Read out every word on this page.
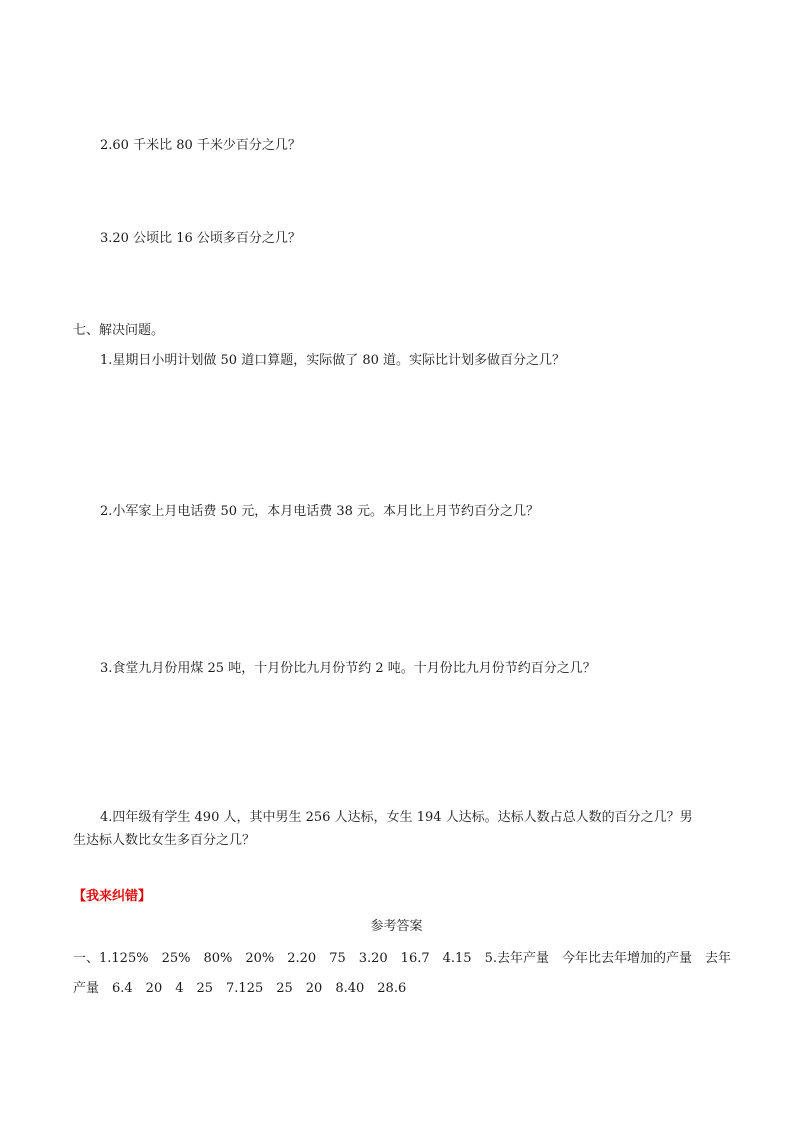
2.60 千米比 80 千米少百分之几？
3.20 公顷比 16 公顷多百分之几？
七、解决问题。
1.星期日小明计划做 50 道口算题，实际做了 80 道。实际比计划多做百分之几？
2.小军家上月电话费 50 元，本月电话费 38 元。本月比上月节约百分之几？
3.食堂九月份用煤 25 吨，十月份比九月份节约 2 吨。十月份比九月份节约百分之几？
4.四年级有学生 490 人，其中男生 256 人达标，女生 194 人达标。达标人数占总人数的百分之几？男
生达标人数比女生多百分之几？
【我来纠错】
参考答案
一、1.125%　25%　80%　20%　2.20　75　3.20　16.7　4.15　5.去年产量　今年比去年增加的产量　去年
产量　6.4　20　4　25　7.125　25　20　8.40　28.6
